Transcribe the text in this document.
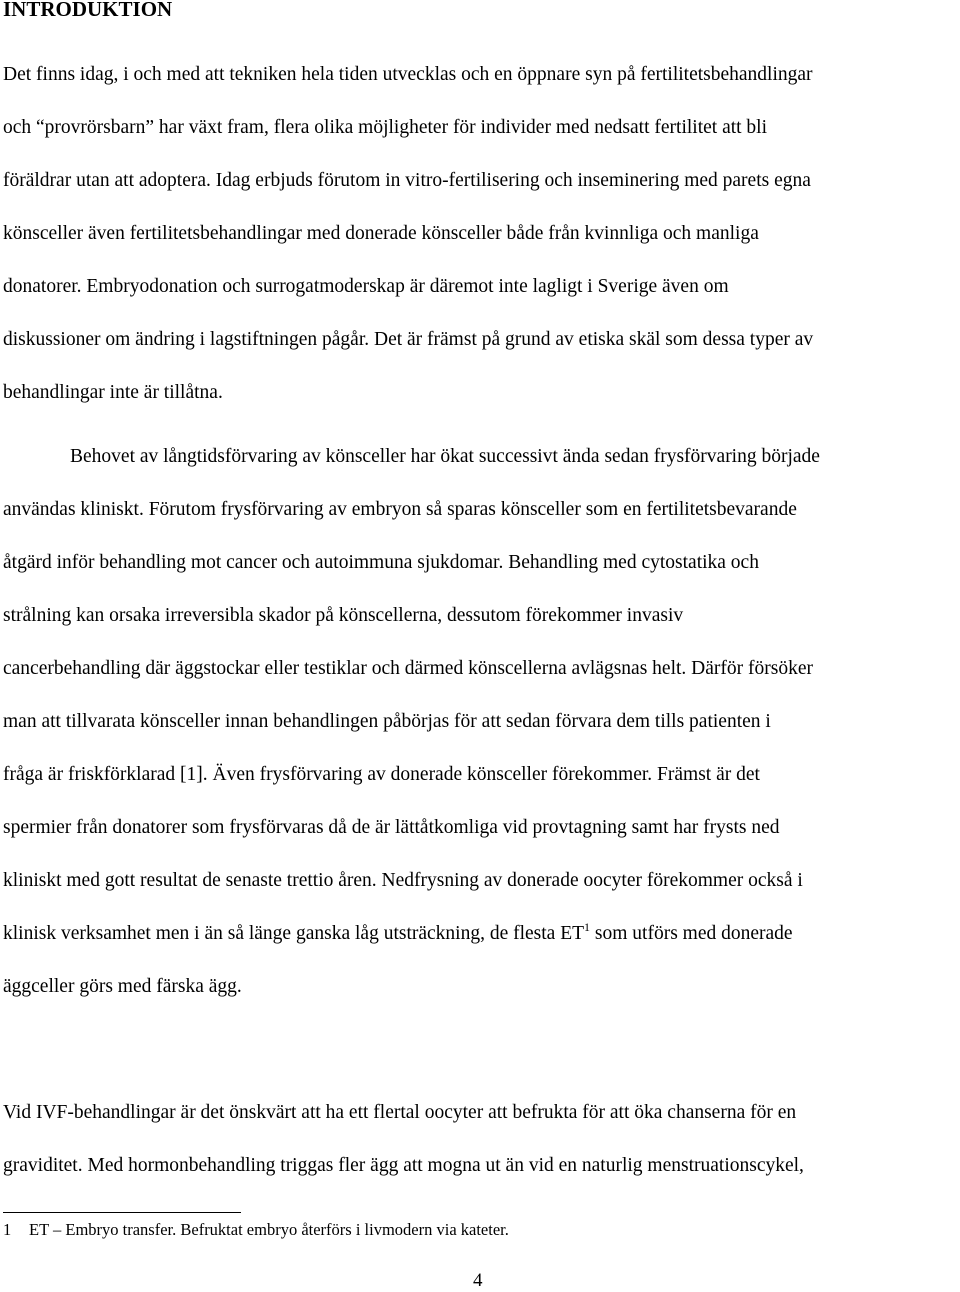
INTRODUKTION

Det finns idag, i och med att tekniken hela tiden utvecklas och en öppnare syn på fertilitetsbehandlingar
och “provrörsbarn” har växt fram, flera olika möjligheter för individer med nedsatt fertilitet att bli
föräldrar utan att adoptera. Idag erbjuds förutom in vitro-fertilisering och inseminering med parets egna
könsceller även fertilitetsbehandlingar med donerade könsceller både från kvinnliga och manliga
donatorer. Embryodonation och surrogatmoderskap är däremot inte lagligt i Sverige även om
diskussioner om ändring i lagstiftningen pågår. Det är främst på grund av etiska skäl som dessa typer av
behandlingar inte är tillåtna.

Behovet av långtidsförvaring av könsceller har ökat successivt ända sedan frysförvaring började
användas kliniskt. Förutom frysförvaring av embryon så sparas könsceller som en fertilitetsbevarande
åtgärd inför behandling mot cancer och autoimmuna sjukdomar. Behandling med cytostatika och
strålning kan orsaka irreversibla skador på könscellerna, dessutom förekommer invasiv
cancerbehandling där äggstockar eller testiklar och därmed könscellerna avlägsnas helt. Därför försöker
man att tillvarata könsceller innan behandlingen påbörjas för att sedan förvara dem tills patienten i
fråga är friskförklarad [1]. Även frysförvaring av donerade könsceller förekommer. Främst är det
spermier från donatorer som frysförvaras då de är lättåtkomliga vid provtagning samt har frysts ned
kliniskt med gott resultat de senaste trettio åren. Nedfrysning av donerade oocyter förekommer också i
klinisk verksamhet men i än så länge ganska låg utsträckning, de flesta $ET^1$ som utförs med donerade
äggceller görs med färska ägg.

Vid IVF-behandlingar är det önskvärt att ha ett flertal oocyter att befrukta för att öka chanserna för en
graviditet. Med hormonbehandling triggas fler ägg att mogna ut än vid en naturlig menstruationscykel,

1 ET – Embryo transfer. Befruktat embryo återförs i livmodern via kateter.
4
